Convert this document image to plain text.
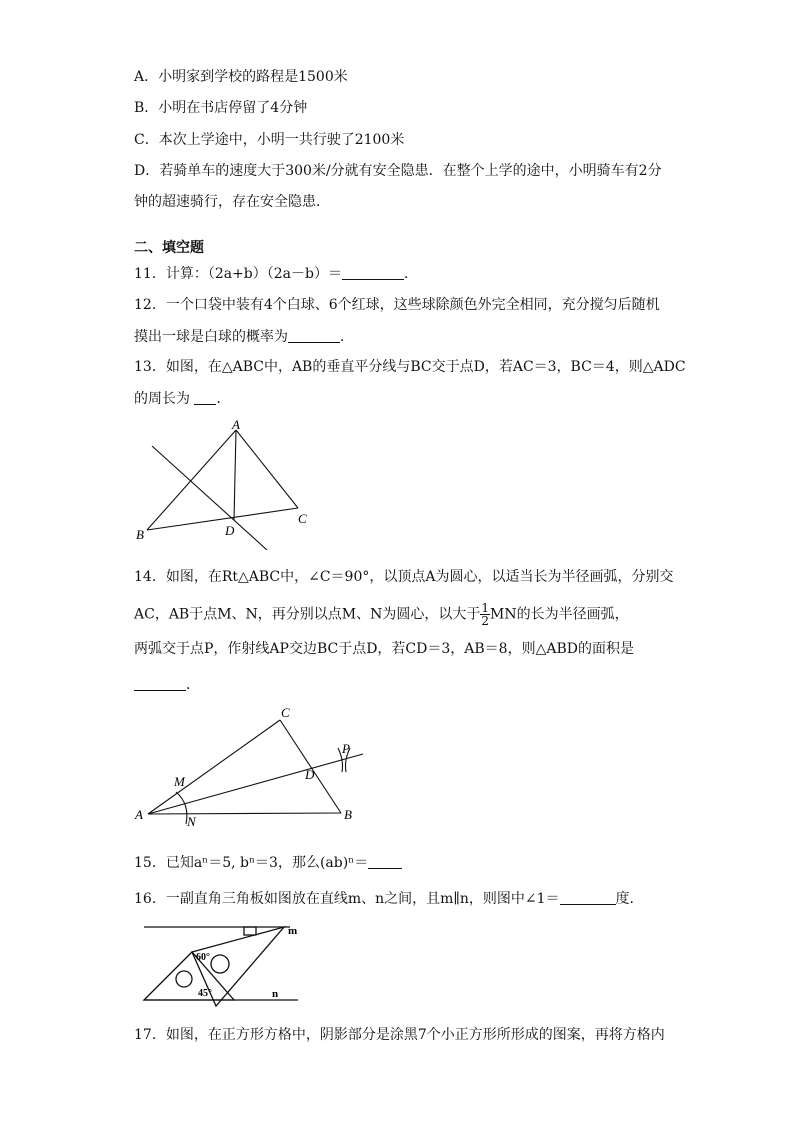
A．小明家到学校的路程是1500米
B．小明在书店停留了4分钟
C．本次上学途中，小明一共行驶了2100米
D．若骑单车的速度大于300米/分就有安全隐患．在整个上学的途中，小明骑车有2分
钟的超速骑行，存在安全隐患．
二、填空题
11．计算：（2a+b）（2a－b）＝	．
12．一个口袋中装有4个白球、6个红球，这些球除颜色外完全相同，充分搅匀后随机
摸出一球是白球的概率为	．
13．如图，在△ABC中，AB的垂直平分线与BC交于点D，若AC＝3，BC＝4，则△ADC
的周长为 ．
A
B
C
D
14．如图，在Rt△ABC中，∠C＝90°，以顶点A为圆心，以适当长为半径画弧，分别交
AC，AB于点M、N，再分别以点M、N为圆心，以大于 $\frac{1}{2}$ MN的长为半径画弧，
两弧交于点P，作射线AP交边BC于点D，若CD＝3，AB＝8，则△ABD的面积是
．
A	B
C
D
M
N
P
15．已知aⁿ＝5, bⁿ＝3，那么(ab)ⁿ＝
16．一副直角三角板如图放在直线m、n之间，且m∥n，则图中∠1＝	度．
m
n
60°
45°
17．如图，在正方形方格中，阴影部分是涂黑7个小正方形所形成的图案，再将方格内
